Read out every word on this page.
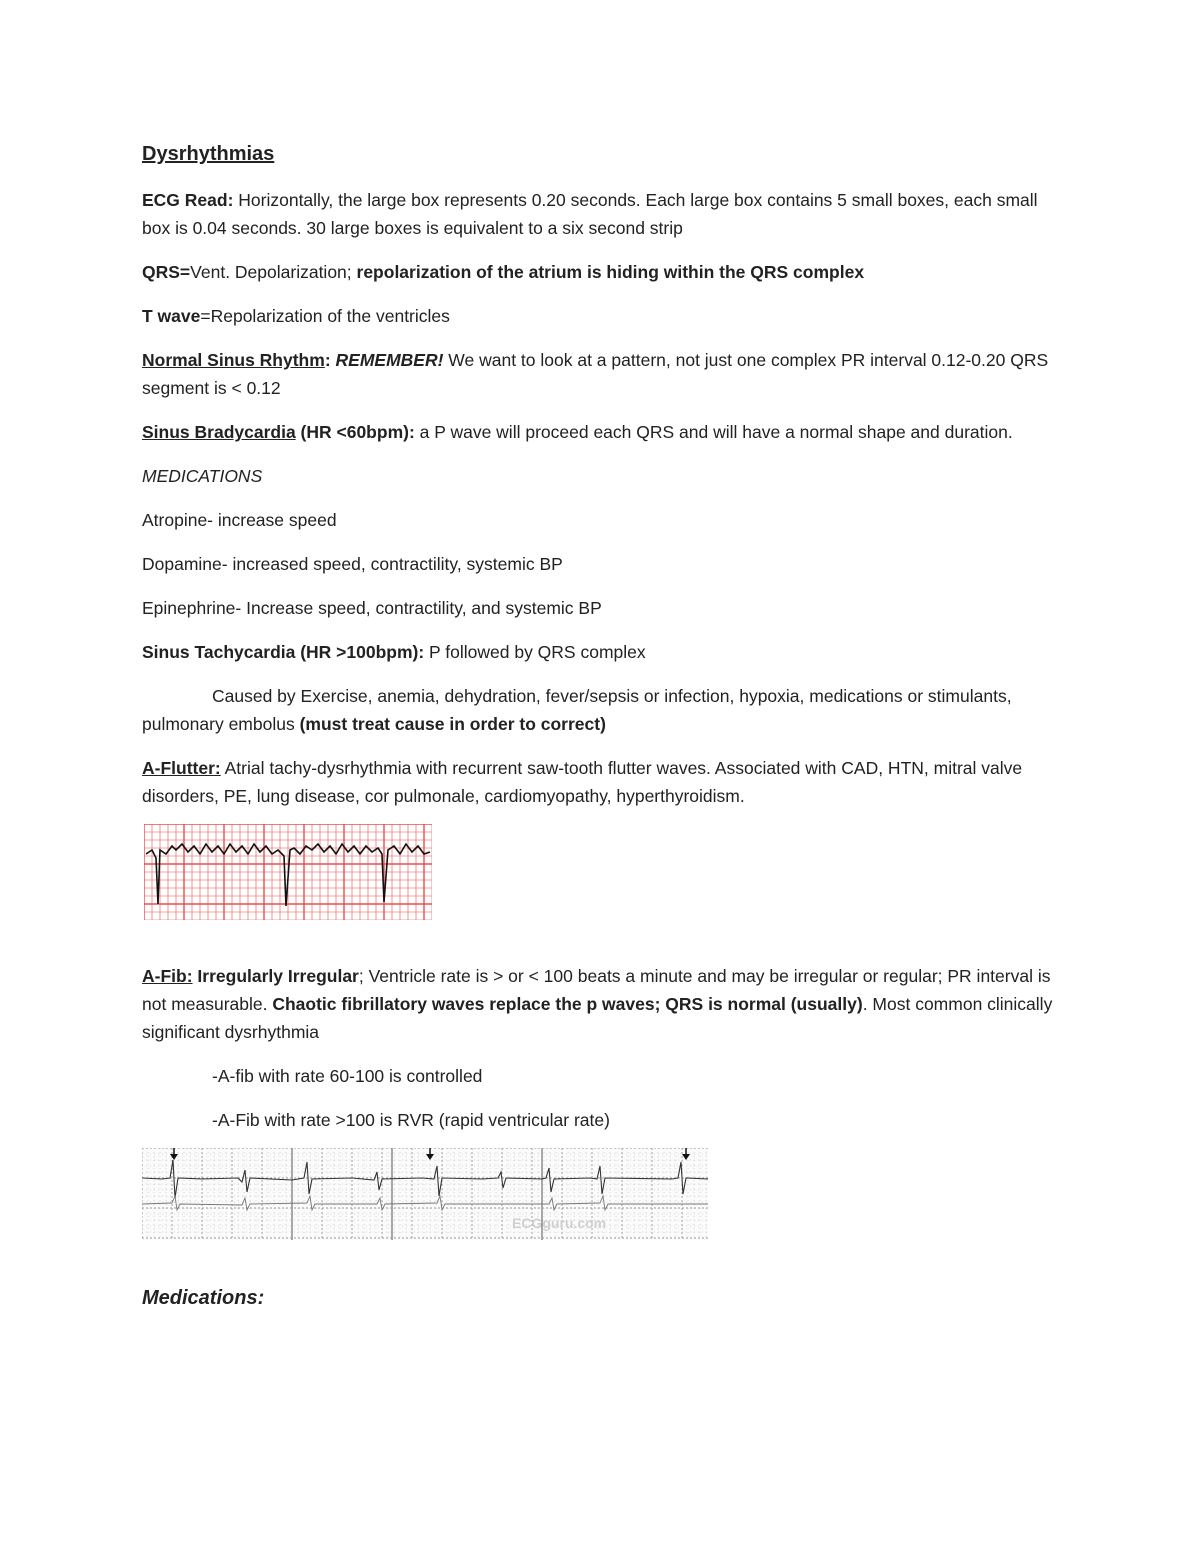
Dysrhythmias

ECG Read: Horizontally, the large box represents 0.20 seconds. Each large box contains 5 small boxes, each small box is 0.04 seconds. 30 large boxes is equivalent to a six second strip

QRS=Vent. Depolarization; repolarization of the atrium is hiding within the QRS complex

T wave=Repolarization of the ventricles

Normal Sinus Rhythm: REMEMBER! We want to look at a pattern, not just one complex PR interval 0.12-0.20 QRS segment is < 0.12

Sinus Bradycardia (HR <60bpm): a P wave will proceed each QRS and will have a normal shape and duration.

MEDICATIONS

Atropine- increase speed

Dopamine- increased speed, contractility, systemic BP

Epinephrine- Increase speed, contractility, and systemic BP

Sinus Tachycardia (HR >100bpm): P followed by QRS complex

Caused by Exercise, anemia, dehydration, fever/sepsis or infection, hypoxia, medications or stimulants, pulmonary embolus (must treat cause in order to correct)

A-Flutter: Atrial tachy-dysrhythmia with recurrent saw-tooth flutter waves. Associated with CAD, HTN, mitral valve disorders, PE, lung disease, cor pulmonale, cardiomyopathy, hyperthyroidism.

A-Fib: Irregularly Irregular; Ventricle rate is > or < 100 beats a minute and may be irregular or regular; PR interval is not measurable. Chaotic fibrillatory waves replace the p waves; QRS is normal (usually). Most common clinically significant dysrhythmia

-A-fib with rate 60-100 is controlled

-A-Fib with rate >100 is RVR (rapid ventricular rate)

ECGguru.com

Medications:
